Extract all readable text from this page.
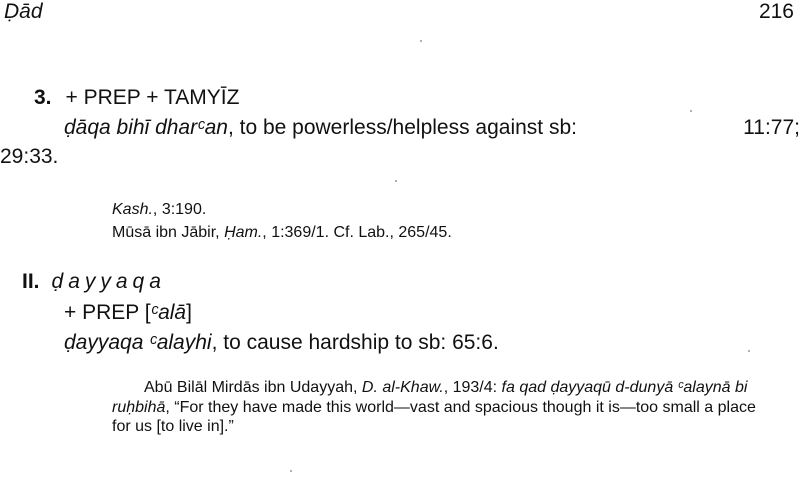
Ḍād	216
3. + PREP + TAMYĪZ
ḍāqa bihī dharᶜan, to be powerless/helpless against sb:	11:77;
29:33.
Kash., 3:190.
Mūsā ibn Jābir, Ḥam., 1:369/1. Cf. Lab., 265/45.
II. ḍayyaqa
+ PREP [ᶜalā]
ḍayyaqa ᶜalayhi, to cause hardship to sb: 65:6.
Abū Bilāl Mirdās ibn Udayyah, D. al-Khaw., 193/4: fa qad ḍayyaqū d-dunyā ᶜalaynā bi ruḥbihā, “For they have made this world—vast and spacious though it is—too small a place for us [to live in].”
